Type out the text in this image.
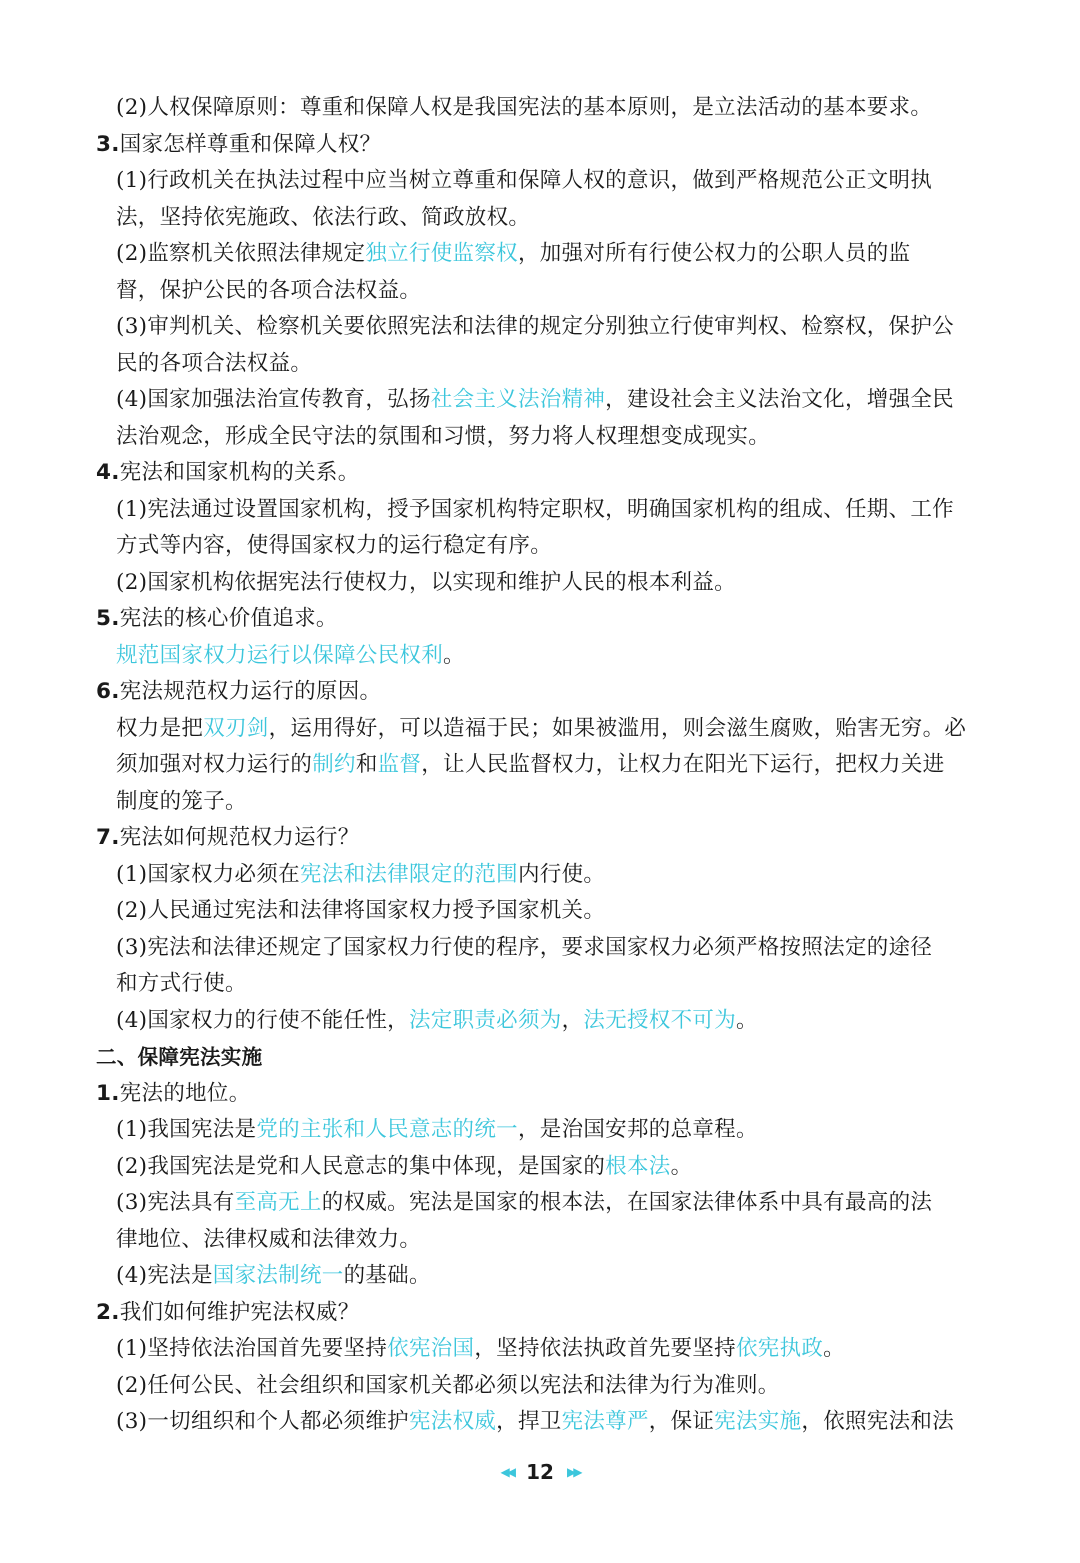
(2)人权保障原则：尊重和保障人权是我国宪法的基本原则，是立法活动的基本要求。
3.国家怎样尊重和保障人权？
(1)行政机关在执法过程中应当树立尊重和保障人权的意识，做到严格规范公正文明执
法，坚持依宪施政、依法行政、简政放权。
(2)监察机关依照法律规定独立行使监察权，加强对所有行使公权力的公职人员的监
督，保护公民的各项合法权益。
(3)审判机关、检察机关要依照宪法和法律的规定分别独立行使审判权、检察权，保护公
民的各项合法权益。
(4)国家加强法治宣传教育，弘扬社会主义法治精神，建设社会主义法治文化，增强全民
法治观念，形成全民守法的氛围和习惯，努力将人权理想变成现实。
4.宪法和国家机构的关系。
(1)宪法通过设置国家机构，授予国家机构特定职权，明确国家机构的组成、任期、工作
方式等内容，使得国家权力的运行稳定有序。
(2)国家机构依据宪法行使权力，以实现和维护人民的根本利益。
5.宪法的核心价值追求。
规范国家权力运行以保障公民权利。
6.宪法规范权力运行的原因。
权力是把双刃剑，运用得好，可以造福于民；如果被滥用，则会滋生腐败，贻害无穷。必
须加强对权力运行的制约和监督，让人民监督权力，让权力在阳光下运行，把权力关进
制度的笼子。
7.宪法如何规范权力运行？
(1)国家权力必须在宪法和法律限定的范围内行使。
(2)人民通过宪法和法律将国家权力授予国家机关。
(3)宪法和法律还规定了国家权力行使的程序，要求国家权力必须严格按照法定的途径
和方式行使。
(4)国家权力的行使不能任性，法定职责必须为，法无授权不可为。
二、保障宪法实施
1.宪法的地位。
(1)我国宪法是党的主张和人民意志的统一，是治国安邦的总章程。
(2)我国宪法是党和人民意志的集中体现，是国家的根本法。
(3)宪法具有至高无上的权威。宪法是国家的根本法，在国家法律体系中具有最高的法
律地位、法律权威和法律效力。
(4)宪法是国家法制统一的基础。
2.我们如何维护宪法权威？
(1)坚持依法治国首先要坚持依宪治国，坚持依法执政首先要坚持依宪执政。
(2)任何公民、社会组织和国家机关都必须以宪法和法律为行为准则。
(3)一切组织和个人都必须维护宪法权威，捍卫宪法尊严，保证宪法实施，依照宪法和法
◀◀ 12 ▶▶
